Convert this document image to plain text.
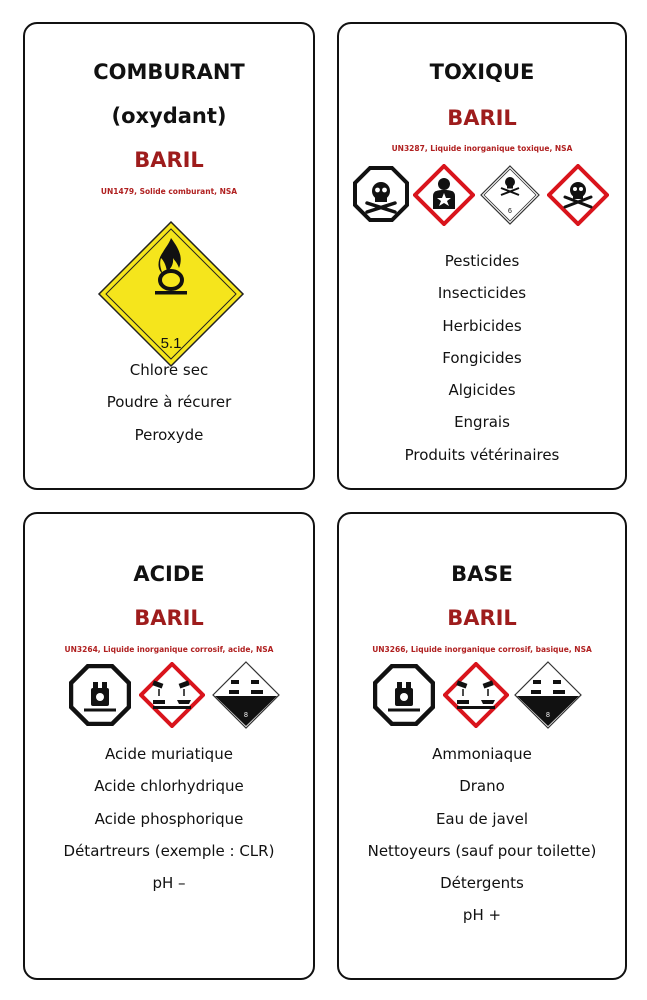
COMBURANT
(oxydant)
BARIL
UN1479, Solide comburant, NSA
5.1
Chlore sec
Poudre à récurer
Peroxyde
TOXIQUE
BARIL
UN3287, Liquide inorganique toxique, NSA
6
Pesticides
Insecticides
Herbicides
Fongicides
Algicides
Engrais
Produits vétérinaires
ACIDE
BARIL
UN3264, Liquide inorganique corrosif, acide, NSA
8
Acide muriatique
Acide chlorhydrique
Acide phosphorique
Détartreurs (exemple : CLR)
pH –
BASE
BARIL
UN3266, Liquide inorganique corrosif, basique, NSA
8
Ammoniaque
Drano
Eau de javel
Nettoyeurs (sauf pour toilette)
Détergents
pH +
